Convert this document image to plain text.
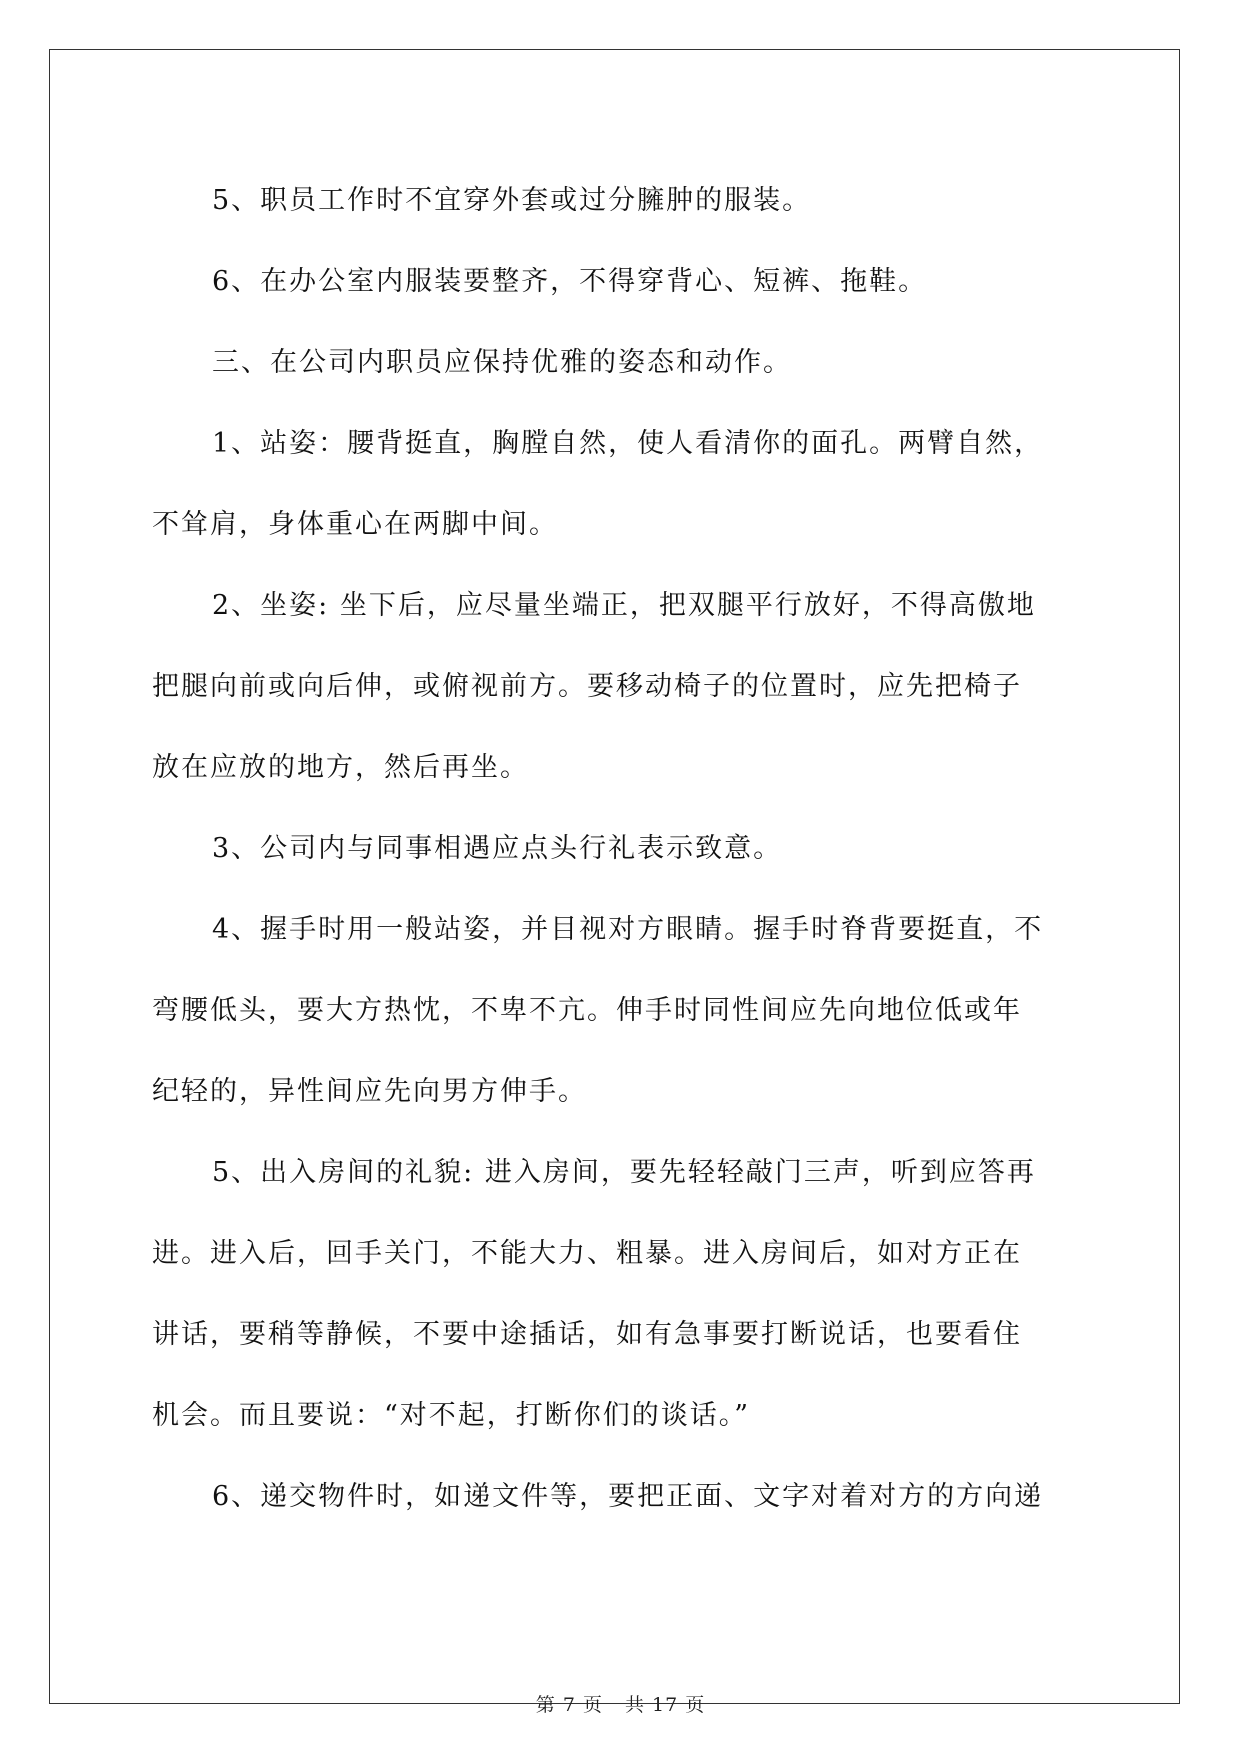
5、职员工作时不宜穿外套或过分臃肿的服装。

6、在办公室内服装要整齐，不得穿背心、短裤、拖鞋。

三、在公司内职员应保持优雅的姿态和动作。

1、站姿：腰背挺直，胸膛自然，使人看清你的面孔。两臂自然，
不耸肩，身体重心在两脚中间。

2、坐姿: 坐下后，应尽量坐端正，把双腿平行放好，不得高傲地
把腿向前或向后伸，或俯视前方。要移动椅子的位置时，应先把椅子
放在应放的地方，然后再坐。

3、公司内与同事相遇应点头行礼表示致意。

4、握手时用一般站姿，并目视对方眼睛。握手时脊背要挺直，不
弯腰低头，要大方热忱，不卑不亢。伸手时同性间应先向地位低或年
纪轻的，异性间应先向男方伸手。

5、出入房间的礼貌: 进入房间，要先轻轻敲门三声，听到应答再
进。进入后，回手关门，不能大力、粗暴。进入房间后，如对方正在
讲话，要稍等静候，不要中途插话，如有急事要打断说话，也要看住
机会。而且要说：“对不起，打断你们的谈话。”

6、递交物件时，如递文件等，要把正面、文字对着对方的方向递

第 7 页 共 17 页
